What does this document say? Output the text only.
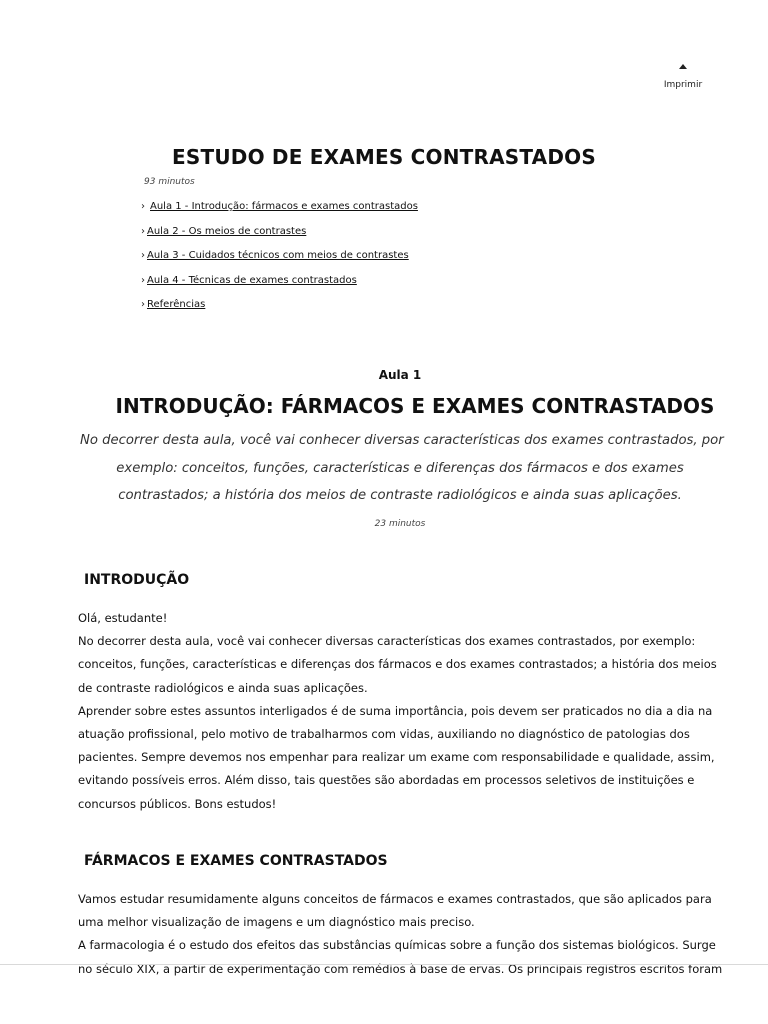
Imprimir
ESTUDO DE EXAMES CONTRASTADOS
93 minutos
› Aula 1 - Introdução: fármacos e exames contrastados
› Aula 2 - Os meios de contrastes
› Aula 3 - Cuidados técnicos com meios de contrastes
› Aula 4 - Técnicas de exames contrastados
› Referências
Aula 1
INTRODUÇÃO: FÁRMACOS E EXAMES CONTRASTADOS

No decorrer desta aula, você vai conhecer diversas características dos exames contrastados, por
exemplo: conceitos, funções, características e diferenças dos fármacos e dos exames
contrastados; a história dos meios de contraste radiológicos e ainda suas aplicações.

23 minutos
INTRODUÇÃO

Olá, estudante!
No decorrer desta aula, você vai conhecer diversas características dos exames contrastados, por exemplo:
conceitos, funções, características e diferenças dos fármacos e dos exames contrastados; a história dos meios
de contraste radiológicos e ainda suas aplicações.
Aprender sobre estes assuntos interligados é de suma importância, pois devem ser praticados no dia a dia na
atuação profissional, pelo motivo de trabalharmos com vidas, auxiliando no diagnóstico de patologias dos
pacientes. Sempre devemos nos empenhar para realizar um exame com responsabilidade e qualidade, assim,
evitando possíveis erros. Além disso, tais questões são abordadas em processos seletivos de instituições e
concursos públicos. Bons estudos!

FÁRMACOS E EXAMES CONTRASTADOS

Vamos estudar resumidamente alguns conceitos de fármacos e exames contrastados, que são aplicados para
uma melhor visualização de imagens e um diagnóstico mais preciso.
A farmacologia é o estudo dos efeitos das substâncias químicas sobre a função dos sistemas biológicos. Surge
no século XIX, a partir de experimentação com remédios à base de ervas. Os principais registros escritos foram
